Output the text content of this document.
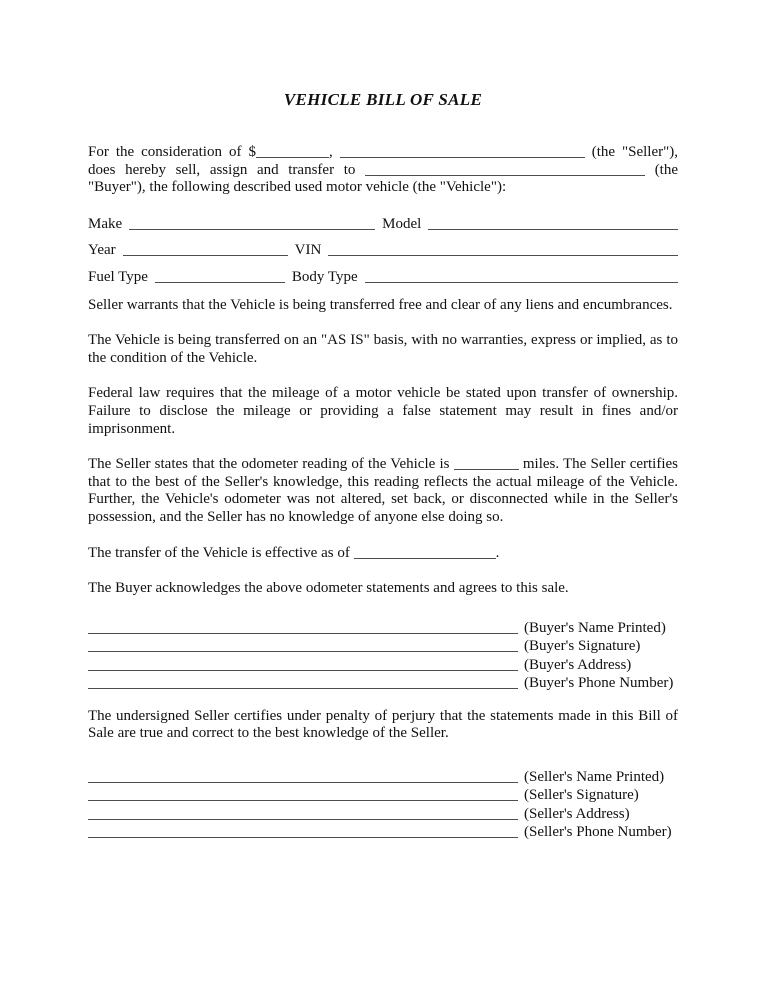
VEHICLE BILL OF SALE

For the consideration of $	,	(the "Seller"), does hereby sell, assign and transfer to	(the "Buyer"), the following described used motor vehicle (the "Vehicle"):

Make	Model
Year	VIN
Fuel Type	Body Type

Seller warrants that the Vehicle is being transferred free and clear of any liens and encumbrances.

The Vehicle is being transferred on an "AS IS" basis, with no warranties, express or implied, as to the condition of the Vehicle.

Federal law requires that the mileage of a motor vehicle be stated upon transfer of ownership. Failure to disclose the mileage or providing a false statement may result in fines and/or imprisonment.

The Seller states that the odometer reading of the Vehicle is	miles. The Seller certifies that to the best of the Seller's knowledge, this reading reflects the actual mileage of the Vehicle. Further, the Vehicle's odometer was not altered, set back, or disconnected while in the Seller's possession, and the Seller has no knowledge of anyone else doing so.

The transfer of the Vehicle is effective as of	.

The Buyer acknowledges the above odometer statements and agrees to this sale.

(Buyer's Name Printed)
(Buyer's Signature)
(Buyer's Address)
(Buyer's Phone Number)

The undersigned Seller certifies under penalty of perjury that the statements made in this Bill of Sale are true and correct to the best knowledge of the Seller.

(Seller's Name Printed)
(Seller's Signature)
(Seller's Address)
(Seller's Phone Number)
